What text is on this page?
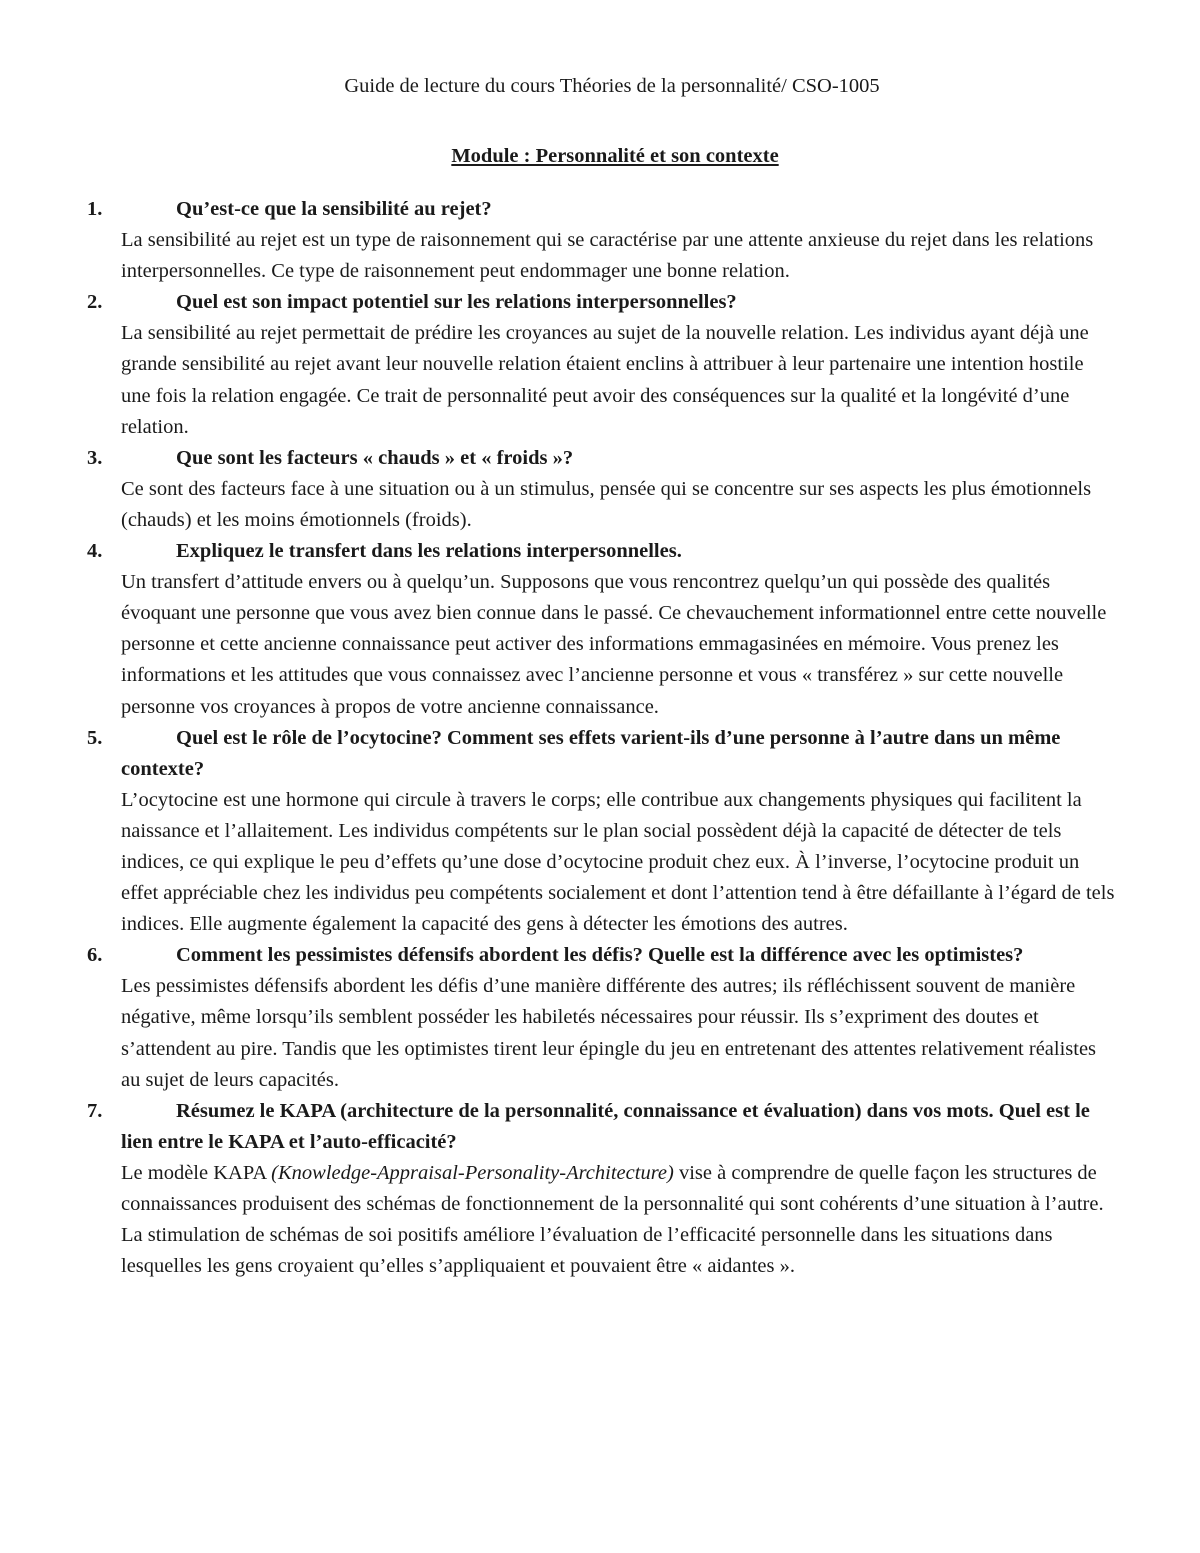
Guide de lecture du cours Théories de la personnalité/ CSO-1005
Module : Personnalité et son contexte
1.	Qu’est-ce que la sensibilité au rejet?
La sensibilité au rejet est un type de raisonnement qui se caractérise par une attente anxieuse du rejet dans les relations interpersonnelles. Ce type de raisonnement peut endommager une bonne relation.
2.	Quel est son impact potentiel sur les relations interpersonnelles?
La sensibilité au rejet permettait de prédire les croyances au sujet de la nouvelle relation. Les individus ayant déjà une grande sensibilité au rejet avant leur nouvelle relation étaient enclins à attribuer à leur partenaire une intention hostile une fois la relation engagée. Ce trait de personnalité peut avoir des conséquences sur la qualité et la longévité d’une relation.
3.	Que sont les facteurs « chauds » et « froids »?
Ce sont des facteurs face à une situation ou à un stimulus, pensée qui se concentre sur ses aspects les plus émotionnels (chauds) et les moins émotionnels (froids).
4.	Expliquez le transfert dans les relations interpersonnelles.
Un transfert d’attitude envers ou à quelqu’un. Supposons que vous rencontrez quelqu’un qui possède des qualités évoquant une personne que vous avez bien connue dans le passé. Ce chevauchement informationnel entre cette nouvelle personne et cette ancienne connaissance peut activer des informations emmagasinées en mémoire. Vous prenez les informations et les attitudes que vous connaissez avec l’ancienne personne et vous « transférez » sur cette nouvelle personne vos croyances à propos de votre ancienne connaissance.
5.	Quel est le rôle de l’ocytocine? Comment ses effets varient-ils d’une personne à l’autre dans un même contexte?
L’ocytocine est une hormone qui circule à travers le corps; elle contribue aux changements physiques qui facilitent la naissance et l’allaitement. Les individus compétents sur le plan social possèdent déjà la capacité de détecter de tels indices, ce qui explique le peu d’effets qu’une dose d’ocytocine produit chez eux. À l’inverse, l’ocytocine produit un effet appréciable chez les individus peu compétents socialement et dont l’attention tend à être défaillante à l’égard de tels indices. Elle augmente également la capacité des gens à détecter les émotions des autres.
6.	Comment les pessimistes défensifs abordent les défis? Quelle est la différence avec les optimistes?
Les pessimistes défensifs abordent les défis d’une manière différente des autres; ils réfléchissent souvent de manière négative, même lorsqu’ils semblent posséder les habiletés nécessaires pour réussir. Ils s’expriment des doutes et s’attendent au pire. Tandis que les optimistes tirent leur épingle du jeu en entretenant des attentes relativement réalistes au sujet de leurs capacités.
7.	Résumez le KAPA (architecture de la personnalité, connaissance et évaluation) dans vos mots. Quel est le lien entre le KAPA et l’auto-efficacité?
Le modèle KAPA (Knowledge-Appraisal-Personality-Architecture) vise à comprendre de quelle façon les structures de connaissances produisent des schémas de fonctionnement de la personnalité qui sont cohérents d’une situation à l’autre. La stimulation de schémas de soi positifs améliore l’évaluation de l’efficacité personnelle dans les situations dans lesquelles les gens croyaient qu’elles s’appliquaient et pouvaient être « aidantes ».
